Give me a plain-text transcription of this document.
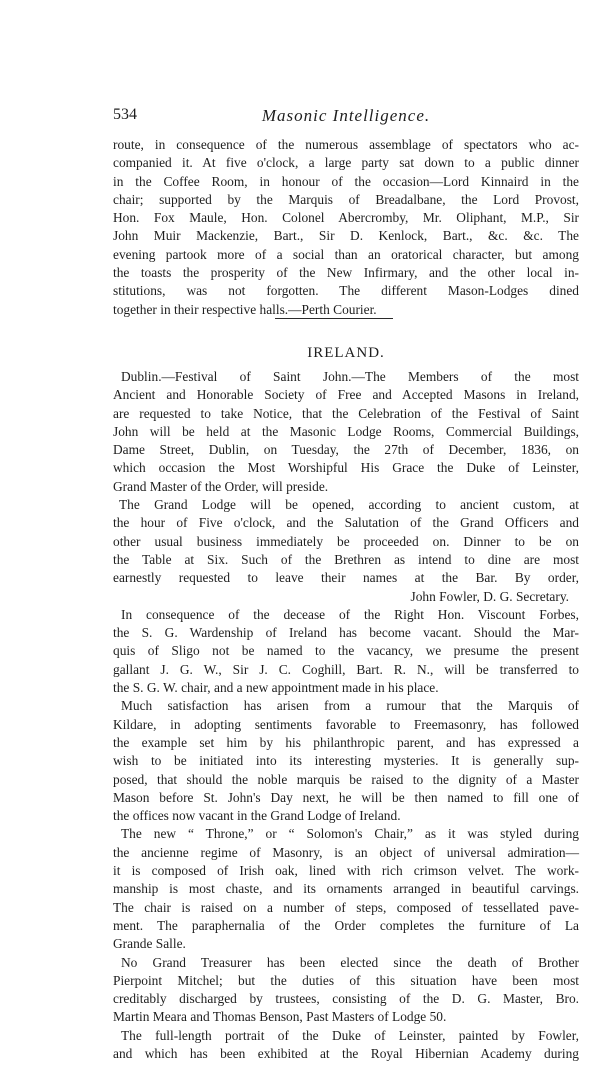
534	Masonic Intelligence.
route, in consequence of the numerous assemblage of spectators who ac-
companied it. At five o'clock, a large party sat down to a public dinner
in the Coffee Room, in honour of the occasion—Lord Kinnaird in the
chair; supported by the Marquis of Breadalbane, the Lord Provost,
Hon. Fox Maule, Hon. Colonel Abercromby, Mr. Oliphant, M.P., Sir
John Muir Mackenzie, Bart., Sir D. Kenlock, Bart., &c. &c. The
evening partook more of a social than an oratorical character, but among
the toasts the prosperity of the New Infirmary, and the other local in-
stitutions, was not forgotten. The different Mason-Lodges dined
together in their respective halls.—Perth Courier.
IRELAND.
Dublin.—Festival of Saint John.—The Members of the most
Ancient and Honorable Society of Free and Accepted Masons in Ireland,
are requested to take Notice, that the Celebration of the Festival of Saint
John will be held at the Masonic Lodge Rooms, Commercial Buildings,
Dame Street, Dublin, on Tuesday, the 27th of December, 1836, on
which occasion the Most Worshipful His Grace the Duke of Leinster,
Grand Master of the Order, will preside.
The Grand Lodge will be opened, according to ancient custom, at
the hour of Five o'clock, and the Salutation of the Grand Officers and
other usual business immediately be proceeded on. Dinner to be on
the Table at Six. Such of the Brethren as intend to dine are most
earnestly requested to leave their names at the Bar. By order,
John Fowler, D. G. Secretary.
In consequence of the decease of the Right Hon. Viscount Forbes,
the S. G. Wardenship of Ireland has become vacant. Should the Mar-
quis of Sligo not be named to the vacancy, we presume the present
gallant J. G. W., Sir J. C. Coghill, Bart. R. N., will be transferred to
the S. G. W. chair, and a new appointment made in his place.
Much satisfaction has arisen from a rumour that the Marquis of
Kildare, in adopting sentiments favorable to Freemasonry, has followed
the example set him by his philanthropic parent, and has expressed a
wish to be initiated into its interesting mysteries. It is generally sup-
posed, that should the noble marquis be raised to the dignity of a Master
Mason before St. John's Day next, he will be then named to fill one of
the offices now vacant in the Grand Lodge of Ireland.
The new “ Throne,” or “ Solomon's Chair,” as it was styled during
the ancienne regime of Masonry, is an object of universal admiration—
it is composed of Irish oak, lined with rich crimson velvet. The work-
manship is most chaste, and its ornaments arranged in beautiful carvings.
The chair is raised on a number of steps, composed of tessellated pave-
ment. The paraphernalia of the Order completes the furniture of La
Grande Salle.
No Grand Treasurer has been elected since the death of Brother
Pierpoint Mitchel; but the duties of this situation have been most
creditably discharged by trustees, consisting of the D. G. Master, Bro.
Martin Meara and Thomas Benson, Past Masters of Lodge 50.
The full-length portrait of the Duke of Leinster, painted by Fowler,
and which has been exhibited at the Royal Hibernian Academy during
